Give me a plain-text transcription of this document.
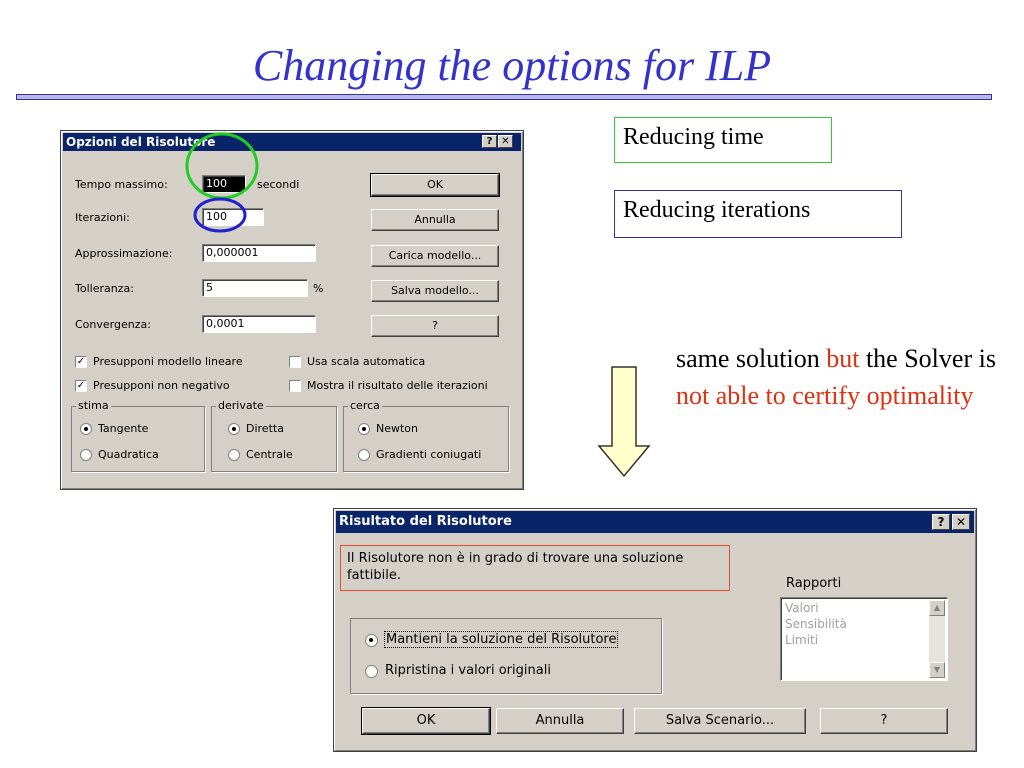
Changing the options for ILP
Opzioni del Risolutore	? ✕
Tempo massimo:	100	secondi
Iterazioni:	100
Approssimazione:	0,000001
Tolleranza:	5	%
Convergenza:	0,0001
OK
Annulla
Carica modello...
Salva modello...
?
✓ Presupponi modello lineare	Usa scala automatica
✓ Presupponi non negativo	Mostra il risultato delle iterazioni
stima
Tangente
Quadratica
derivate
Diretta
Centrale
cerca
Newton
Gradienti coniugati
Reducing time
Reducing iterations
same solution but the Solver is not able to certify optimality
Risultato del Risolutore	? ✕
Il Risolutore non è in grado di trovare una soluzione fattibile.
Mantieni la soluzione del Risolutore
Ripristina i valori originali
Rapporti
Valori
Sensibilità
Limiti
▲
▼
OK	Annulla	Salva Scenario...	?
